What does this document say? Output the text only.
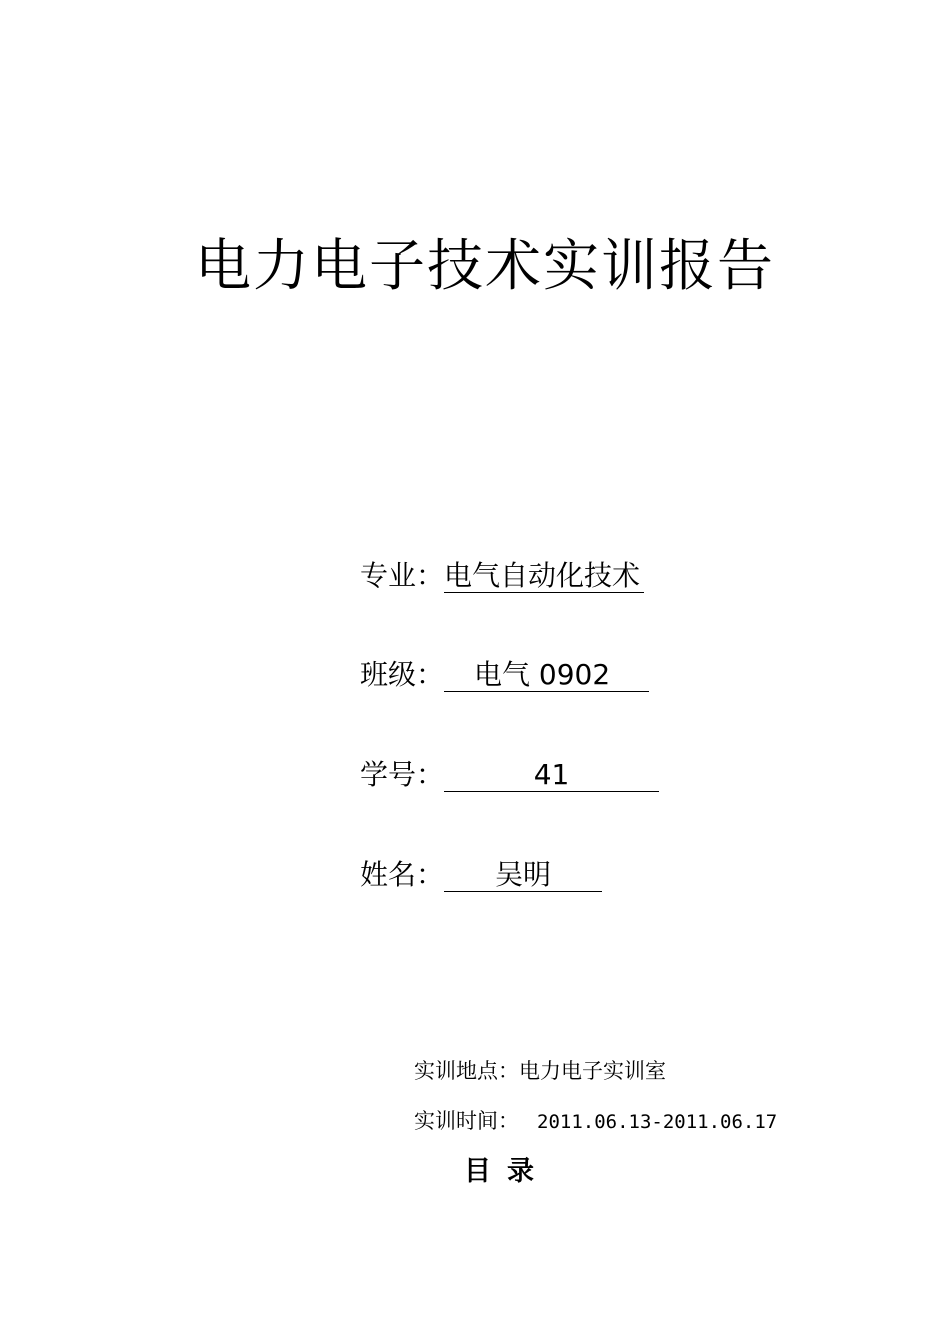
电力电子技术实训报告
专业：电气自动化技术
班级： 电气 0902
学号：	41
姓名： 吴明
实训地点：电力电子实训室
实训时间： 2011.06.13-2011.06.17
目录
